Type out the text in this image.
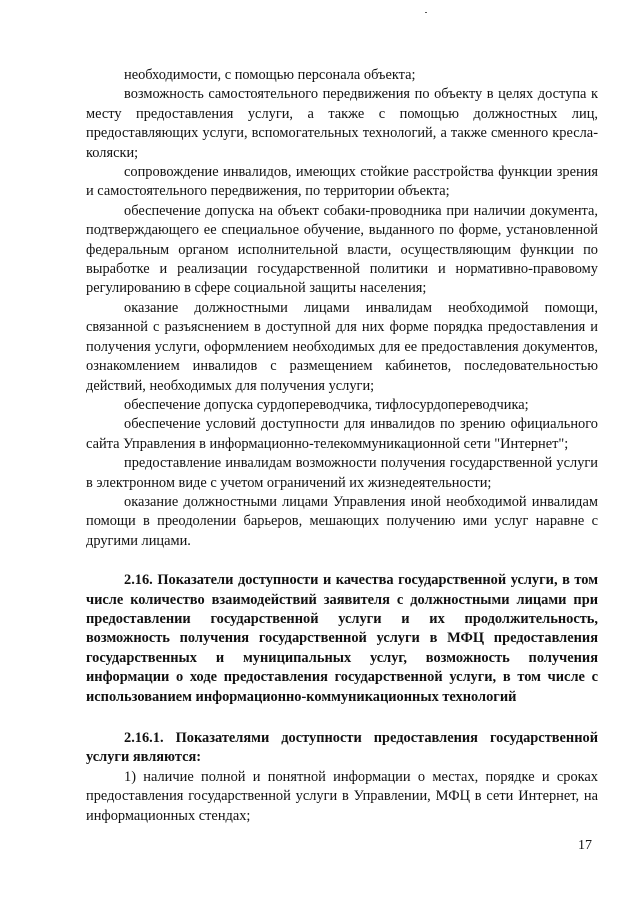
необходимости, с помощью персонала объекта;

возможность самостоятельного передвижения по объекту в целях доступа к месту предоставления услуги, а также с помощью должностных лиц, предоставляющих услуги, вспомогательных технологий, а также сменного кресла-коляски;

сопровождение инвалидов, имеющих стойкие расстройства функции зрения и самостоятельного передвижения, по территории объекта;

обеспечение допуска на объект собаки-проводника при наличии документа, подтверждающего ее специальное обучение, выданного по форме, установленной федеральным органом исполнительной власти, осуществляющим функции по выработке и реализации государственной политики и нормативно-правовому регулированию в сфере социальной защиты населения;

оказание должностными лицами инвалидам необходимой помощи, связанной с разъяснением в доступной для них форме порядка предоставления и получения услуги, оформлением необходимых для ее предоставления документов, ознакомлением инвалидов с размещением кабинетов, последовательностью действий, необходимых для получения услуги;

обеспечение допуска сурдопереводчика, тифлосурдопереводчика;

обеспечение условий доступности для инвалидов по зрению официального сайта Управления в информационно-телекоммуникационной сети "Интернет";

предоставление инвалидам возможности получения государственной услуги в электронном виде с учетом ограничений их жизнедеятельности;

оказание должностными лицами Управления иной необходимой инвалидам помощи в преодолении барьеров, мешающих получению ими услуг наравне с другими лицами.

2.16. Показатели доступности и качества государственной услуги, в том числе количество взаимодействий заявителя с должностными лицами при предоставлении государственной услуги и их продолжительность, возможность получения государственной услуги в МФЦ предоставления государственных и муниципальных услуг, возможность получения информации о ходе предоставления государственной услуги, в том числе с использованием информационно-коммуникационных технологий

2.16.1. Показателями доступности предоставления государственной услуги являются:

1) наличие полной и понятной информации о местах, порядке и сроках предоставления государственной услуги в Управлении, МФЦ в сети Интернет, на информационных стендах;

17
